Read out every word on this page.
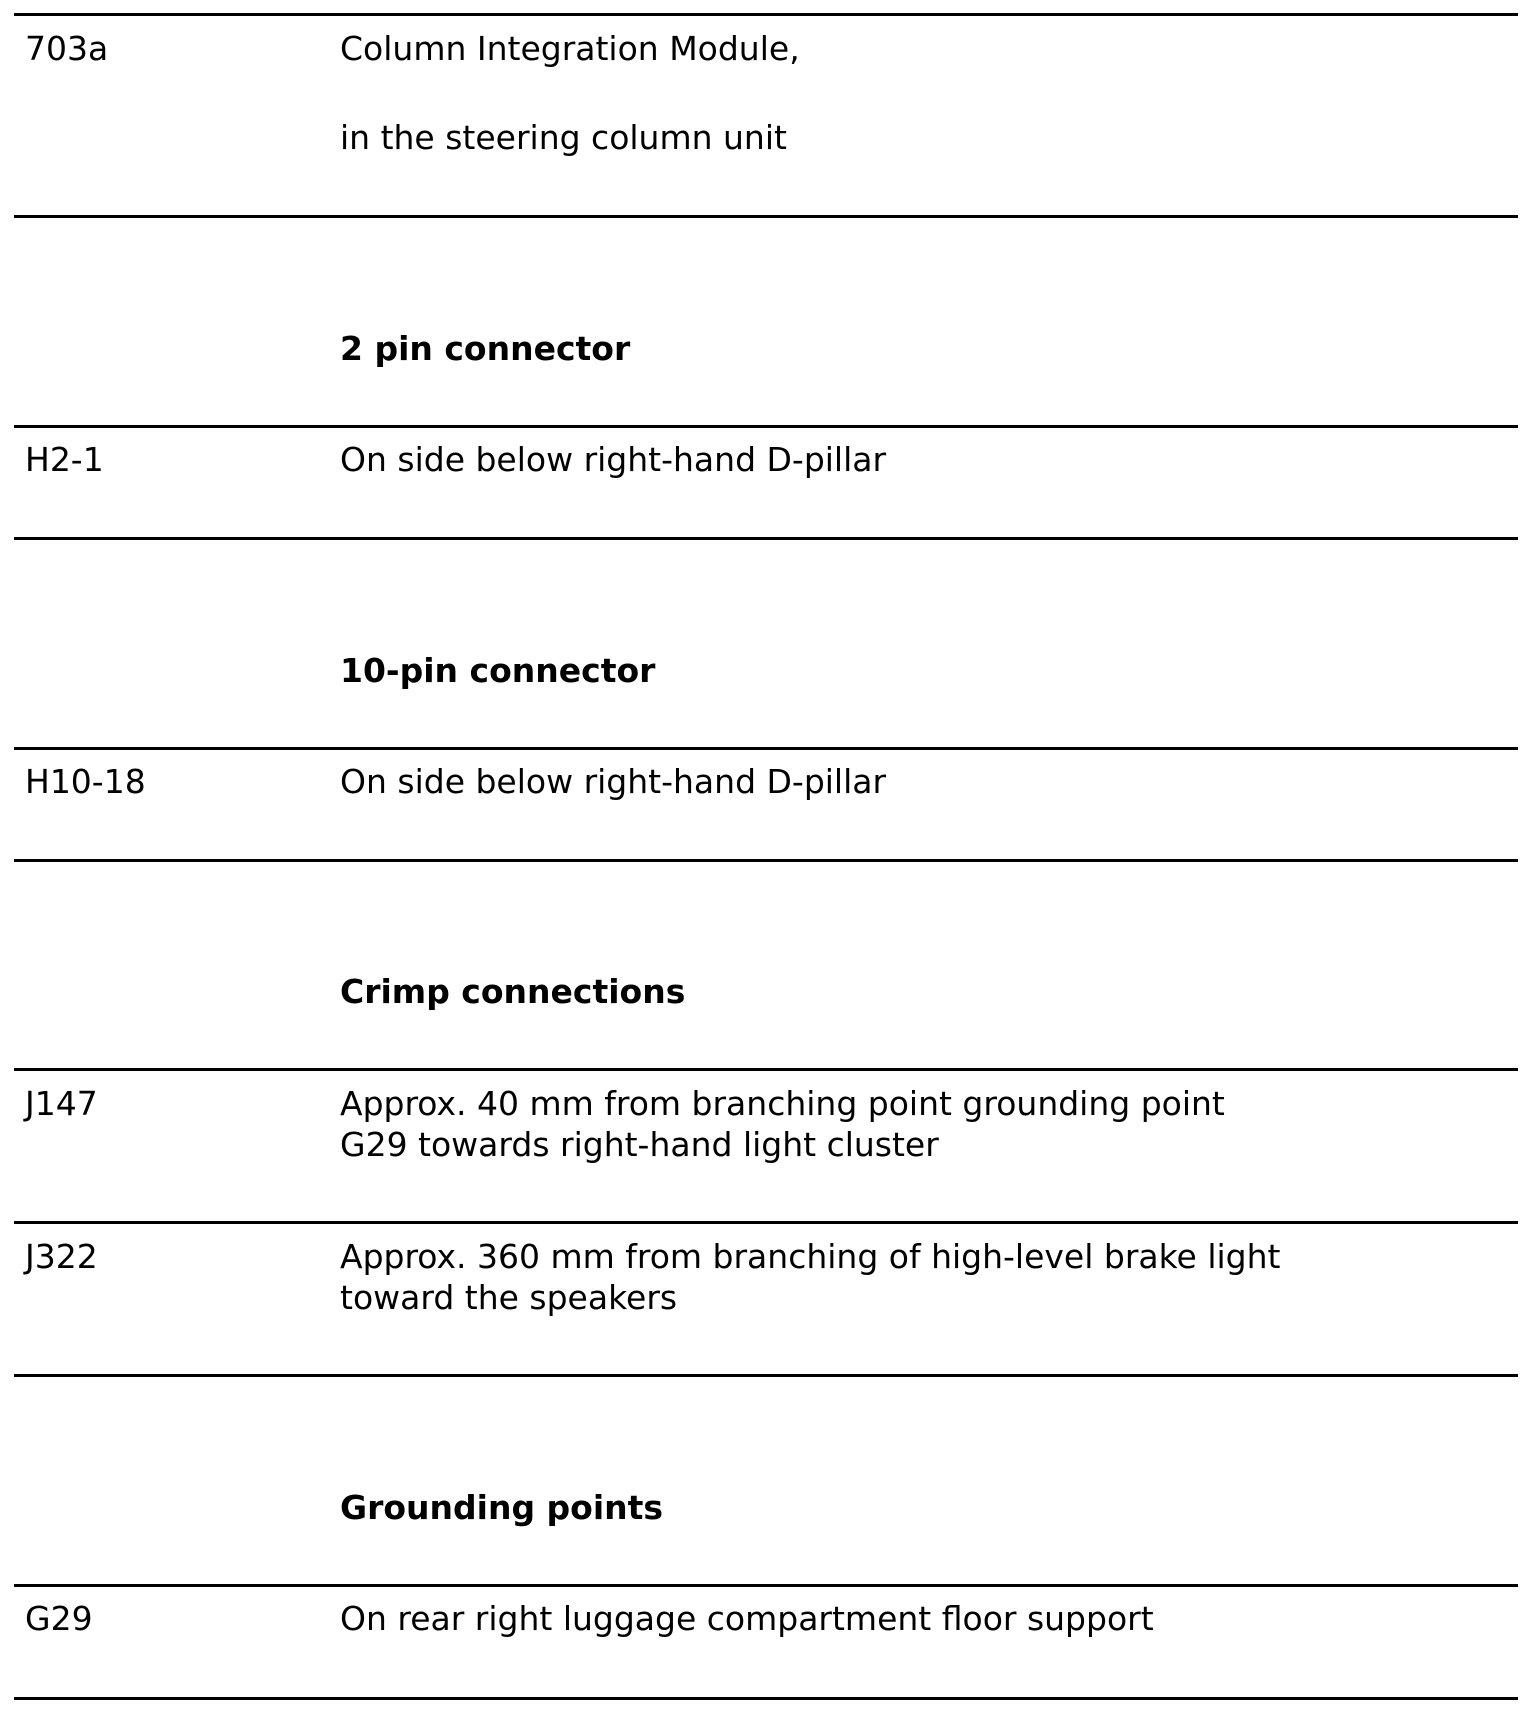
703a	Column Integration Module,
in the steering column unit
2 pin connector
H2-1	On side below right-hand D-pillar
10-pin connector
H10-18	On side below right-hand D-pillar
Crimp connections
J147	Approx. 40 mm from branching point grounding point
G29 towards right-hand light cluster
J322	Approx. 360 mm from branching of high-level brake light
toward the speakers
Grounding points
G29	On rear right luggage compartment floor support
